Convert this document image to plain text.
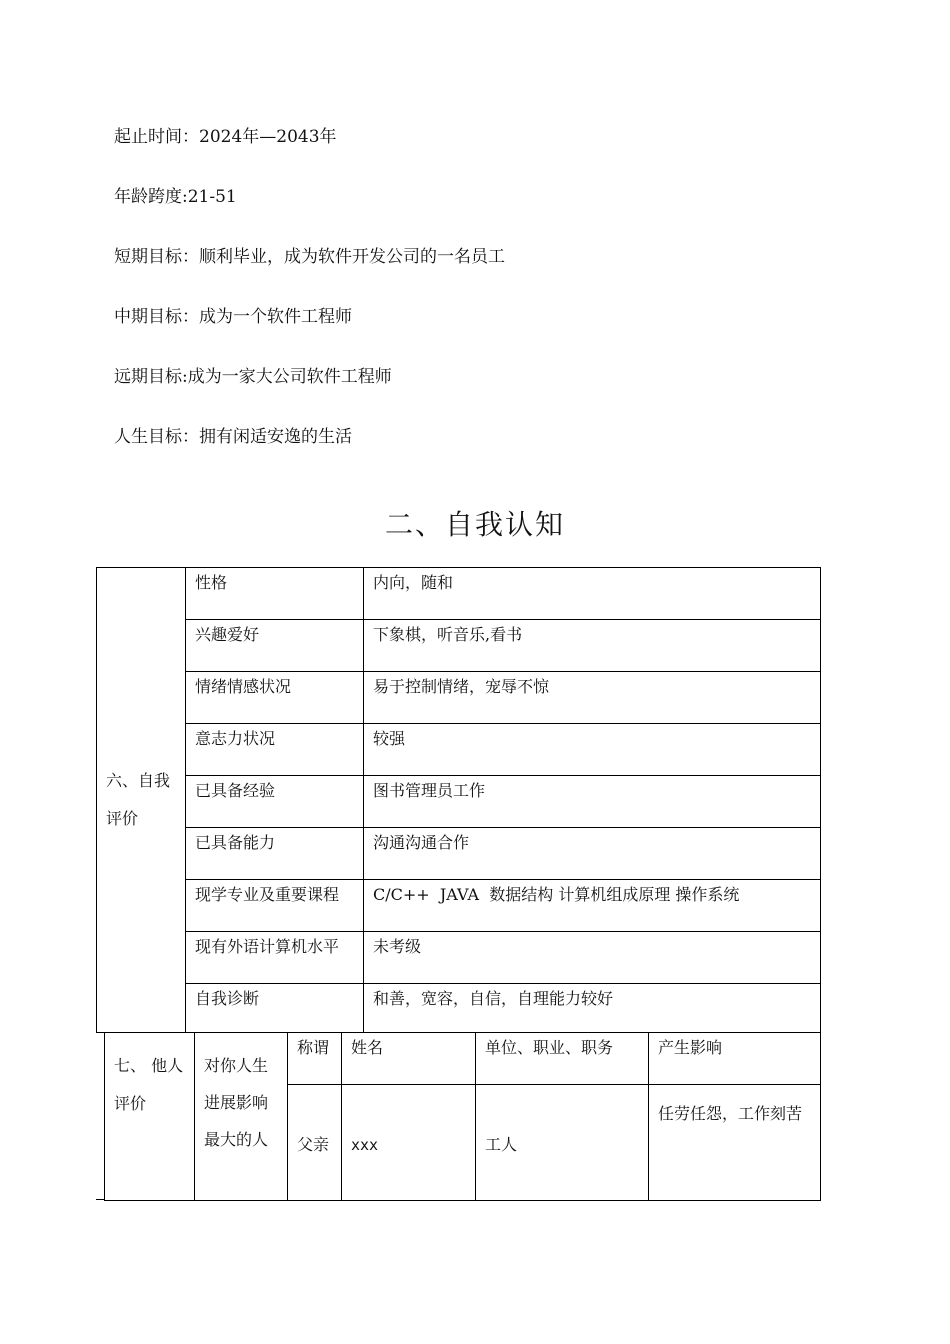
起止时间：2024年—2043年

年龄跨度:21-51

短期目标：顺利毕业，成为软件开发公司的一名员工

中期目标：成为一个软件工程师

远期目标:成为一家大公司软件工程师

人生目标：拥有闲适安逸的生活

二、自我认知
六、自我评价	性格	内向，随和
	兴趣爱好	下象棋，听音乐,看书
	情绪情感状况	易于控制情绪，宠辱不惊
	意志力状况	较强
	已具备经验	图书管理员工作
	已具备能力	沟通沟通合作
	现学专业及重要课程	C/C++  JAVA  数据结构 计算机组成原理 操作系统
	现有外语计算机水平	未考级
	自我诊断	和善，宽容，自信，自理能力较好
七、 他人评价	对你人生进展影响最大的人	称谓	姓名	单位、职业、职务	产生影响
		父亲	xxx	工人	任劳任怨，工作刻苦
